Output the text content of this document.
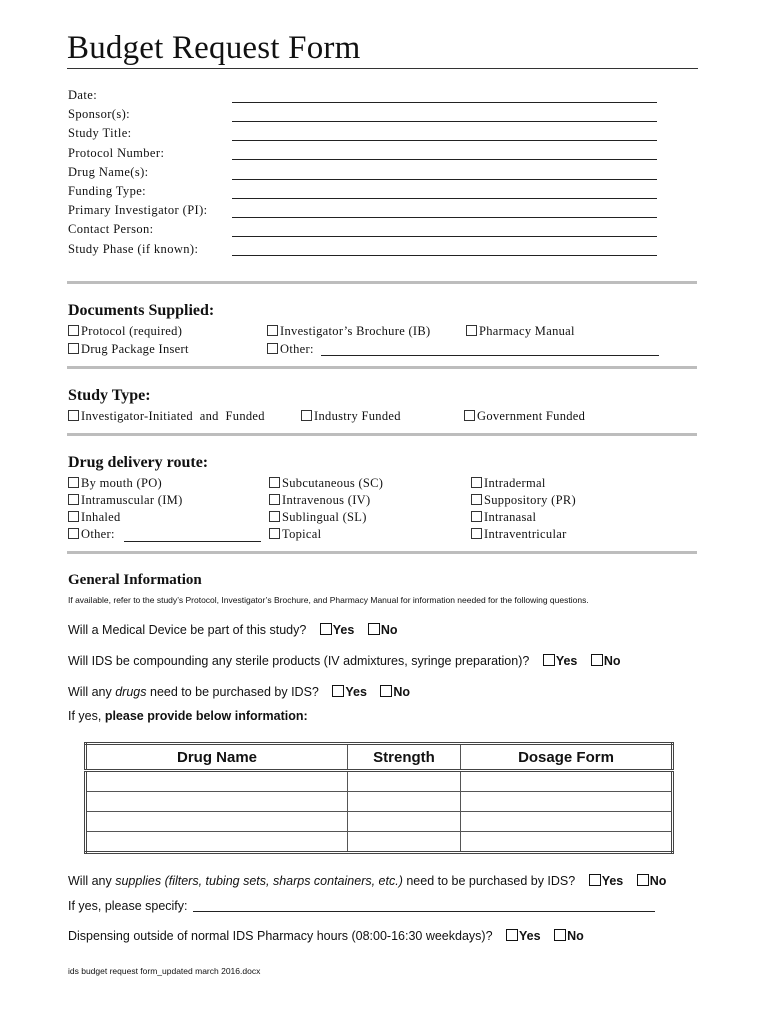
Budget Request Form
Date:
Sponsor(s):
Study Title:
Protocol Number:
Drug Name(s):
Funding Type:
Primary Investigator (PI):
Contact Person:
Study Phase (if known):
Documents Supplied:
Protocol (required)	Investigator’s Brochure (IB)	Pharmacy Manual
Drug Package Insert	Other:
Study Type:
Investigator-Initiated  and  Funded	Industry Funded	Government Funded
Drug delivery route:
By mouth (PO)	Subcutaneous (SC)	Intradermal
Intramuscular (IM)	Intravenous (IV)	Suppository (PR)
Inhaled	Sublingual (SL)	Intranasal
Other:	Topical	Intraventricular
General Information
If available, refer to the study’s Protocol, Investigator’s Brochure, and Pharmacy Manual for information needed for the following questions.
Will a Medical Device be part of this study? Yes No
Will IDS be compounding any sterile products (IV admixtures, syringe preparation)? Yes No
Will any drugs need to be purchased by IDS? Yes No
If yes, please provide below information:
Drug Name	Strength	Dosage Form

Will any supplies (filters, tubing sets, sharps containers, etc.) need to be purchased by IDS? Yes No
If yes, please specify:
Dispensing outside of normal IDS Pharmacy hours (08:00-16:30 weekdays)? Yes No
ids budget request form_updated march 2016.docx
